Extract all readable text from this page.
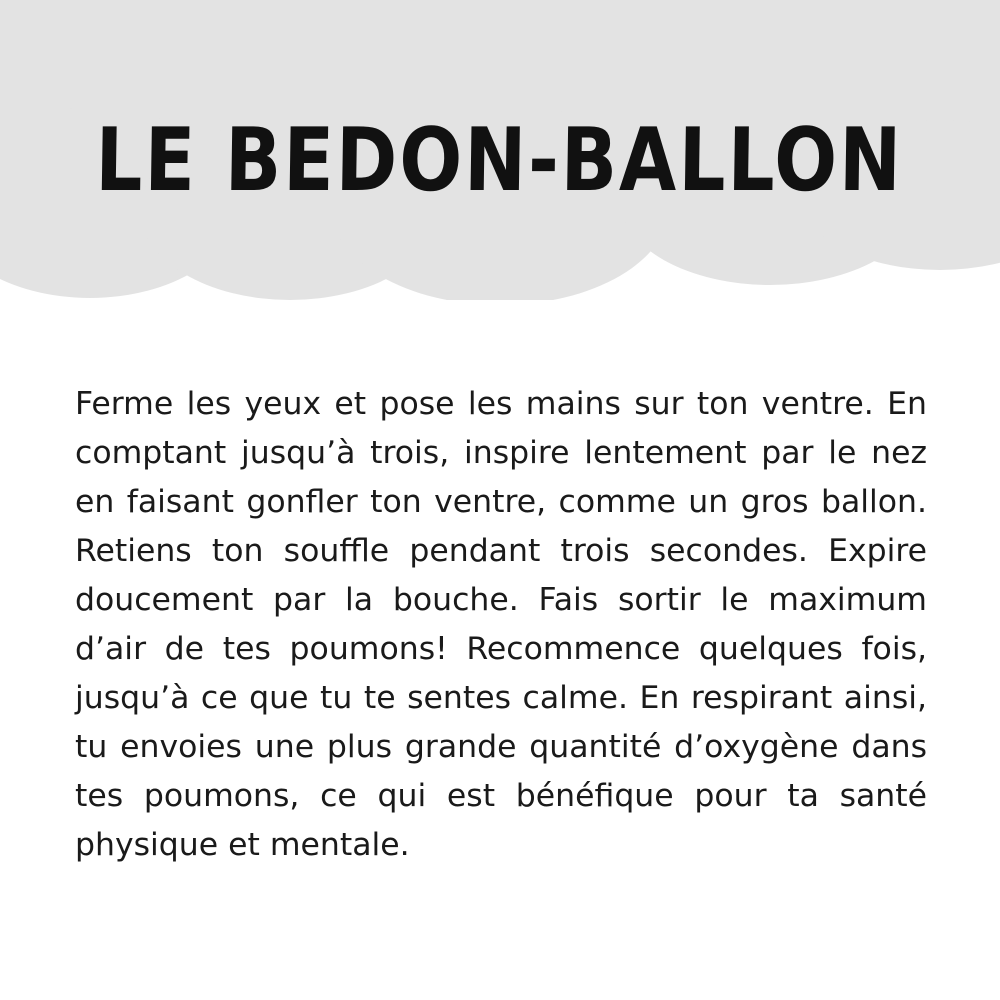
LE BEDON-BALLON

Ferme les yeux et pose les mains sur ton ventre. En comptant jusqu’à trois, inspire lentement par le nez en faisant gonfler ton ventre, comme un gros ballon. Retiens ton souffle pendant trois secondes. Expire doucement par la bouche. Fais sortir le maximum d’air de tes poumons! Recommence quelques fois, jusqu’à ce que tu te sentes calme. En respirant ainsi, tu envoies une plus grande quantité d’oxygène dans tes poumons, ce qui est bénéfique pour ta santé physique et mentale.
